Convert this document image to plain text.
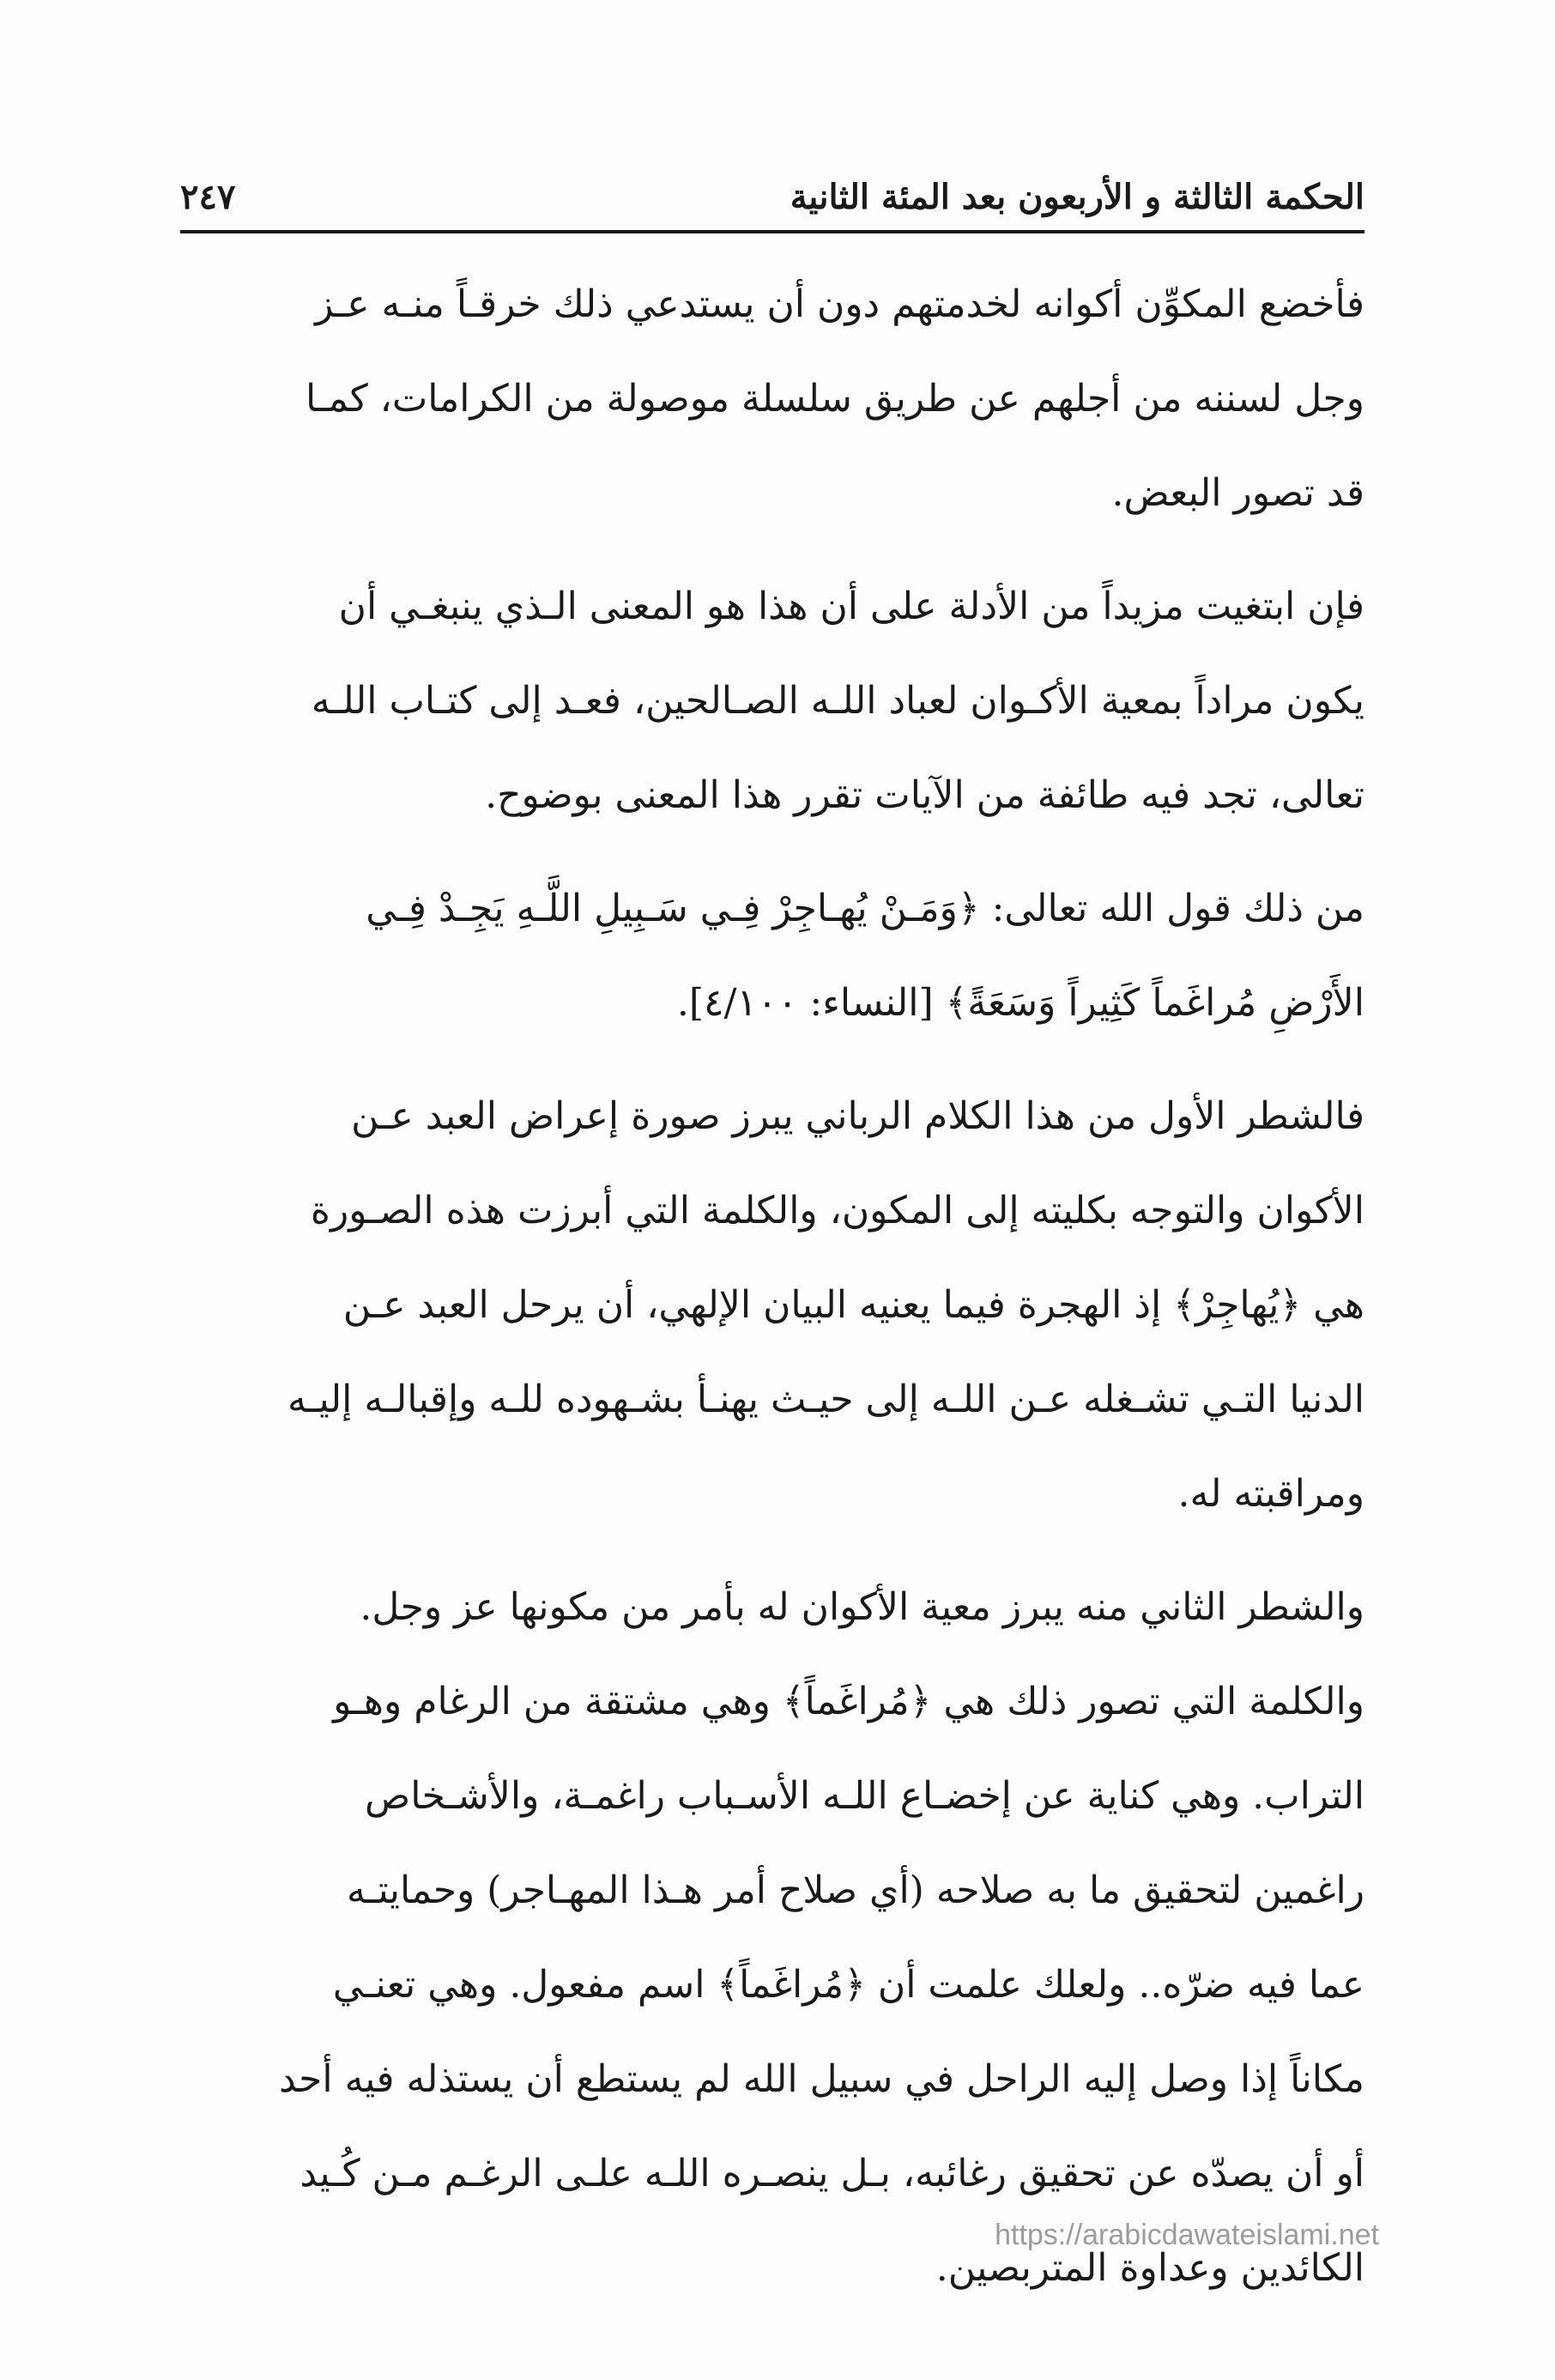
الحكمة الثالثة و الأربعون بعد المئة الثانية
٢٤٧

فأخضع المكوِّن أكوانه لخدمتهم دون أن يستدعي ذلك خرقـاً منـه عـز
وجل لسننه من أجلهم عن طريق سلسلة موصولة من الكرامات، كمـا
قد تصور البعض.

فإن ابتغيت مزيداً من الأدلة على أن هذا هو المعنى الـذي ينبغـي أن
يكون مراداً بمعية الأكـوان لعباد اللـه الصـالحين، فعـد إلى كتـاب اللـه
تعالى، تجد فيه طائفة من الآيات تقرر هذا المعنى بوضوح.

من ذلك قول الله تعالى: ﴿وَمَـنْ يُهـاجِرْ فِـي سَـبِيلِ اللَّـهِ يَجِـدْ فِـي
الأَرْضِ مُراغَماً كَثِيراً وَسَعَةً﴾ [النساء: ٤/١٠٠].

فالشطر الأول من هذا الكلام الرباني يبرز صورة إعراض العبد عـن
الأكوان والتوجه بكليته إلى المكون، والكلمة التي أبرزت هذه الصـورة
هي ﴿يُهاجِرْ﴾ إذ الهجرة فيما يعنيه البيان الإلهي، أن يرحل العبد عـن
الدنيا التـي تشـغله عـن اللـه إلى حيـث يهنـأ بشـهوده للـه وإقبالـه إليـه
ومراقبته له.

والشطر الثاني منه يبرز معية الأكوان له بأمر من مكونها عز وجل.
والكلمة التي تصور ذلك هي ﴿مُراغَماً﴾ وهي مشتقة من الرغام وهـو
التراب. وهي كناية عن إخضـاع اللـه الأسـباب راغمـة، والأشـخاص
راغمين لتحقيق ما به صلاحه (أي صلاح أمر هـذا المهـاجر) وحمايتـه
عما فيه ضرّه.. ولعلك علمت أن ﴿مُراغَماً﴾ اسم مفعول. وهي تعنـي
مكاناً إذا وصل إليه الراحل في سبيل الله لم يستطع أن يستذله فيه أحد
أو أن يصدّه عن تحقيق رغائبه، بـل ينصـره اللـه علـى الرغـم مـن كُـيد
الكائدين وعداوة المتربصين.

https://arabicdawateislami.net
